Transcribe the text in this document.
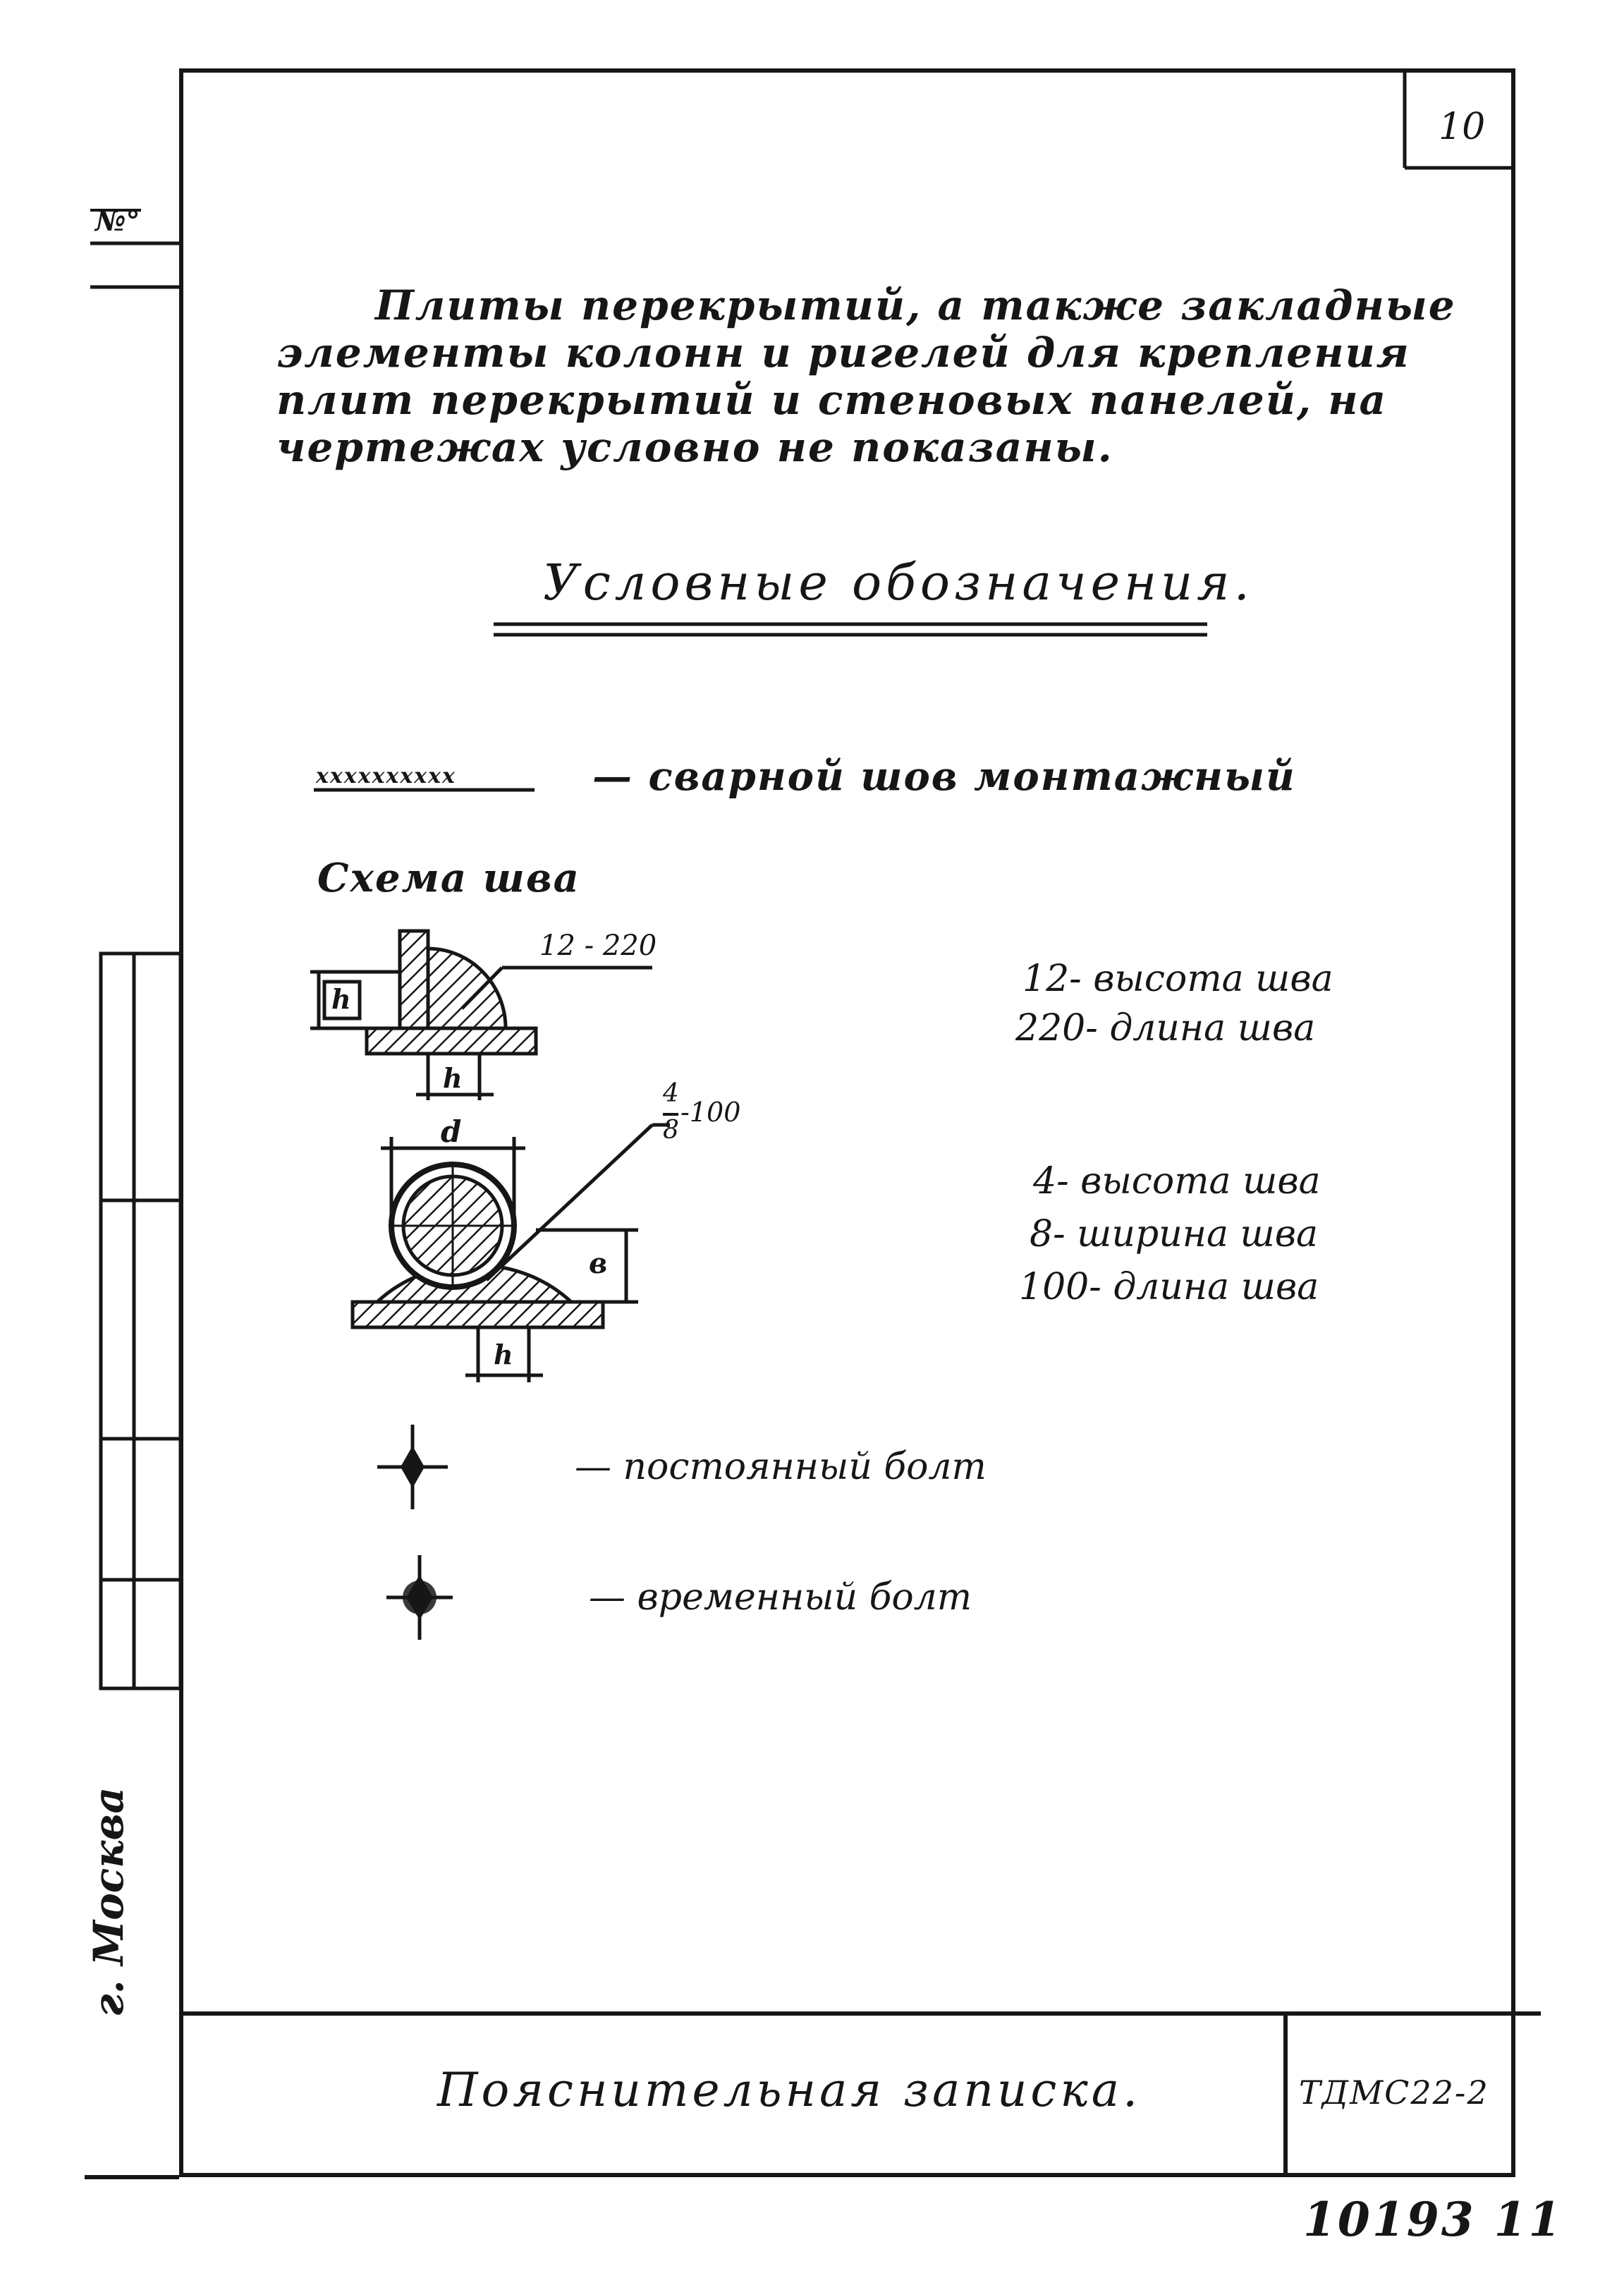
10
№°
г. Москва
Плиты перекрытий, а также закладные
элементы колонн и ригелей для крепления
плит перекрытий и стеновых панелей, на
чертежах условно не показаны.
Условные обозначения.
xxxxxxxxxx	— сварной шов монтажный
Схема шва
12 - 220
h
h
12- высота шва
220- длина шва
4
8
-100
d
в
h
4- высота шва
8- ширина шва
100- длина шва
— постоянный болт
— временный болт
Пояснительная записка.	ТДМС22-2
10193 11
